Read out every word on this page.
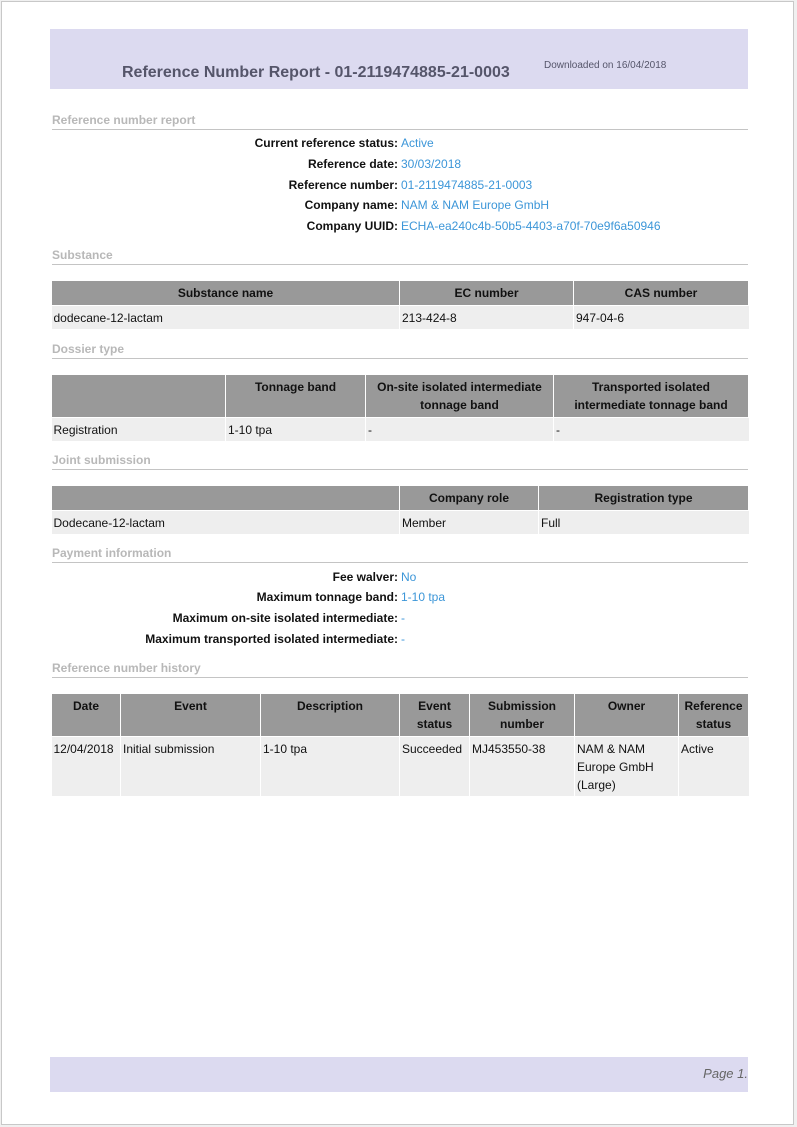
Reference Number Report - 01-2119474885-21-0003	Downloaded on 16/04/2018
Reference number report
Current reference status: Active
Reference date: 30/03/2018
Reference number: 01-2119474885-21-0003
Company name: NAM & NAM Europe GmbH
Company UUID: ECHA-ea240c4b-50b5-4403-a70f-70e9f6a50946
Substance
Substance name	EC number	CAS number
dodecane-12-lactam	213-424-8	947-04-6
Dossier type
	Tonnage band	On-site isolated intermediate tonnage band	Transported isolated intermediate tonnage band
Registration	1-10 tpa	-	-
Joint submission
	Company role	Registration type
Dodecane-12-lactam	Member	Full
Payment information
Fee walver: No
Maximum tonnage band: 1-10 tpa
Maximum on-site isolated intermediate: -
Maximum transported isolated intermediate: -
Reference number history
Date	Event	Description	Event status	Submission number	Owner	Reference status
12/04/2018	Initial submission	1-10 tpa	Succeeded	MJ453550-38	NAM & NAM Europe GmbH (Large)	Active
Page 1.
